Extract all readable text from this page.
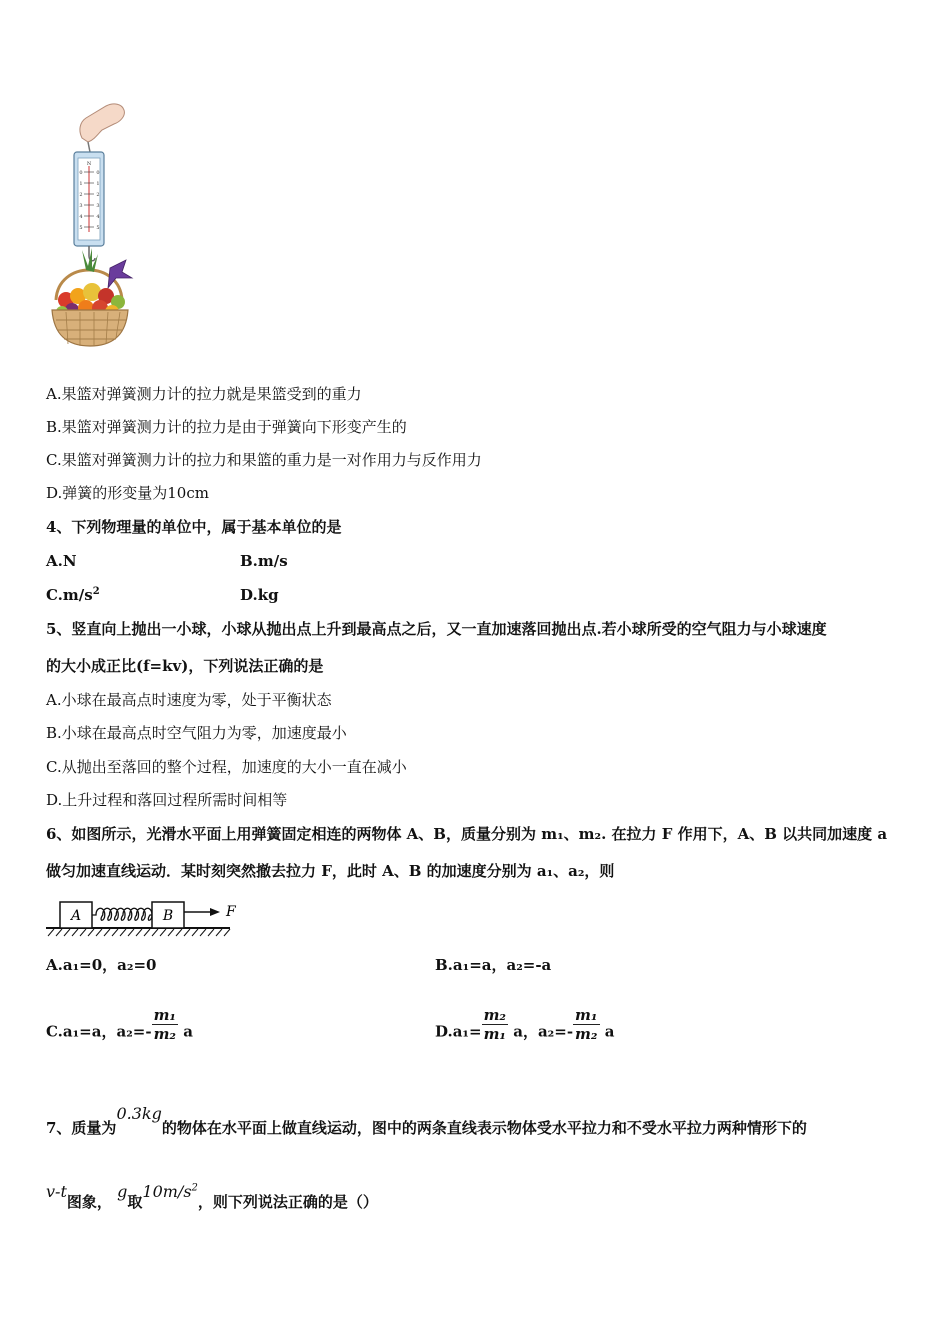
0	0
1	1
2	2
3	3
4	4
5	5
N
A.果篮对弹簧测力计的拉力就是果篮受到的重力
B.果篮对弹簧测力计的拉力是由于弹簧向下形变产生的
C.果篮对弹簧测力计的拉力和果篮的重力是一对作用力与反作用力
D.弹簧的形变量为10cm
4、下列物理量的单位中，属于基本单位的是
A.N	B.m/s
$C.m/s^2$	D.kg
5、竖直向上抛出一小球，小球从抛出点上升到最高点之后，又一直加速落回抛出点.若小球所受的空气阻力与小球速度
的大小成正比(f=kv)，下列说法正确的是
A.小球在最高点时速度为零，处于平衡状态
B.小球在最高点时空气阻力为零，加速度最小
C.从抛出至落回的整个过程，加速度的大小一直在减小
D.上升过程和落回过程所需时间相等
6、如图所示，光滑水平面上用弹簧固定相连的两物体 A、B，质量分别为 m₁、m₂. 在拉力 F 作用下，A、B 以共同加速度 a
做匀加速直线运动．某时刻突然撤去拉力 F，此时 A、B 的加速度分别为 a₁、a₂，则
A	B	F
A.a₁=0，a₂=0	B.a₁=a，a₂=-a
C.a₁=a，$a_2=- \frac{\text{m₁}}{\text{m₂}}$ a	$D.a_1= \frac{\text{m₂}}{\text{m₁}}$ a，$a_2=- \frac{\text{m₁}}{\text{m₂}}$ a
7、质量为0.3kg的物体在水平面上做直线运动，图中的两条直线表示物体受水平拉力和不受水平拉力两种情形下的
v-t图象， g取$10m/s^2$，则下列说法正确的是（）
